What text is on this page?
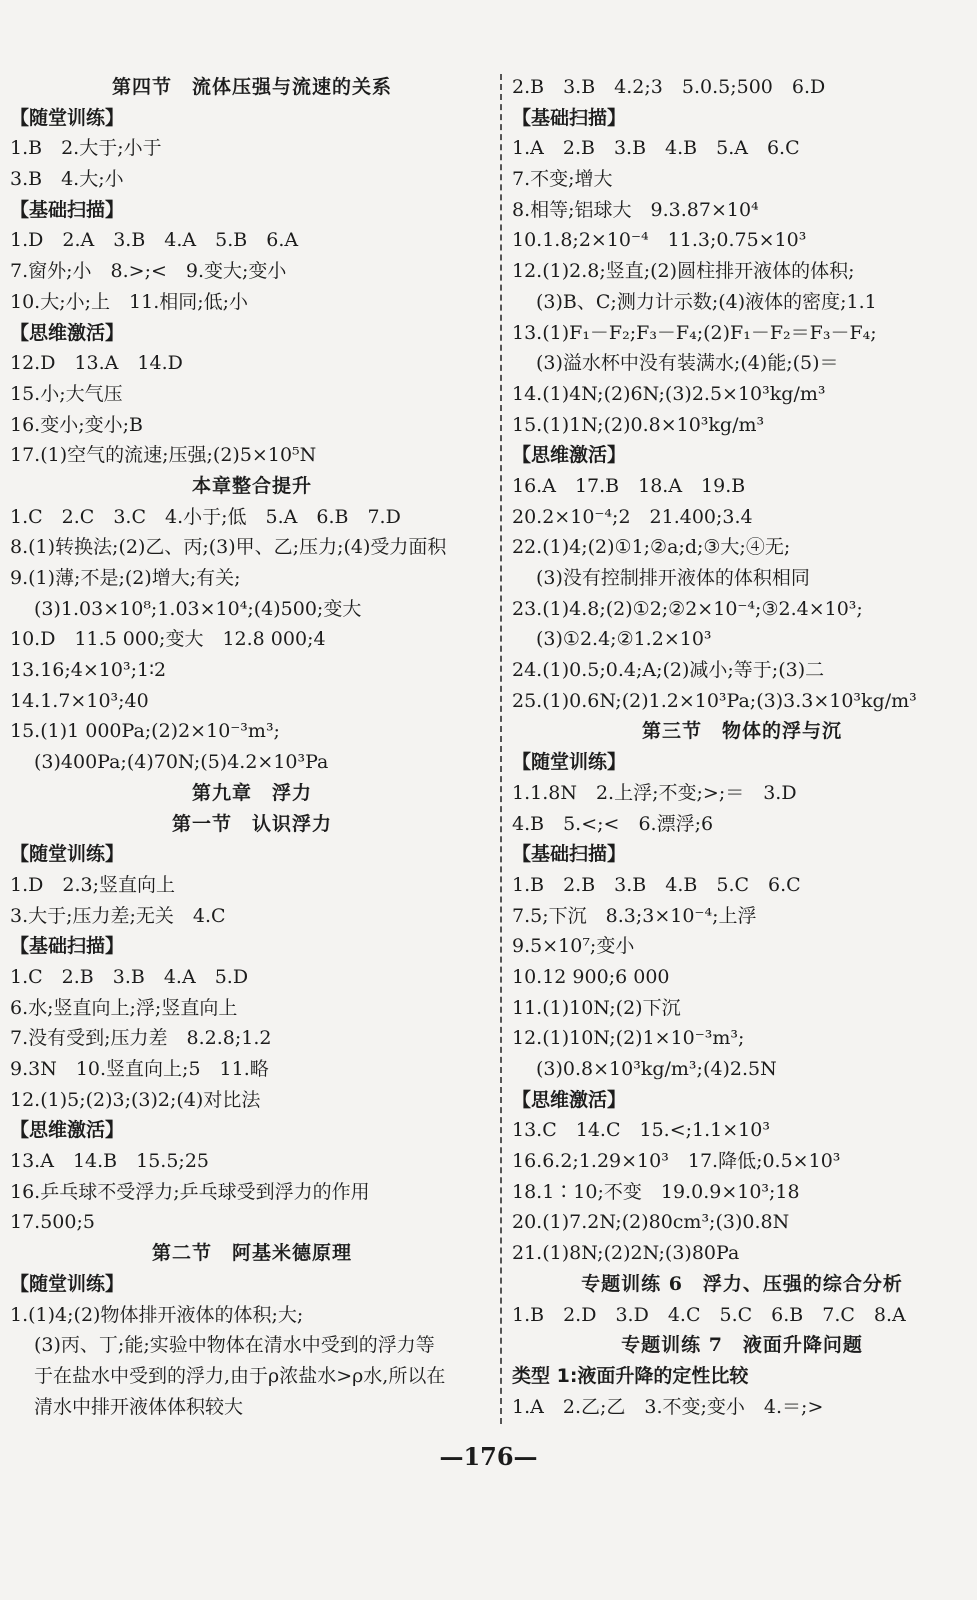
第四节　流体压强与流速的关系
【随堂训练】
1.B　2.大于;小于
3.B　4.大;小
【基础扫描】
1.D　2.A　3.B　4.A　5.B　6.A
7.窗外;小　8.>;<　9.变大;变小
10.大;小;上　11.相同;低;小
【思维激活】
12.D　13.A　14.D
15.小;大气压
16.变小;变小;B
17.(1)空气的流速;压强;(2)5×10⁵N
本章整合提升
1.C　2.C　3.C　4.小于;低　5.A　6.B　7.D
8.(1)转换法;(2)乙、丙;(3)甲、乙;压力;(4)受力面积
9.(1)薄;不是;(2)增大;有关;
(3)1.03×10⁸;1.03×10⁴;(4)500;变大
10.D　11.5 000;变大　12.8 000;4
13.16;4×10³;1∶2
14.1.7×10³;40
15.(1)1 000Pa;(2)2×10⁻³m³;
(3)400Pa;(4)70N;(5)4.2×10³Pa
第九章　浮力
第一节　认识浮力
【随堂训练】
1.D　2.3;竖直向上
3.大于;压力差;无关　4.C
【基础扫描】
1.C　2.B　3.B　4.A　5.D
6.水;竖直向上;浮;竖直向上
7.没有受到;压力差　8.2.8;1.2
9.3N　10.竖直向上;5　11.略
12.(1)5;(2)3;(3)2;(4)对比法
【思维激活】
13.A　14.B　15.5;25
16.乒乓球不受浮力;乒乓球受到浮力的作用
17.500;5
第二节　阿基米德原理
【随堂训练】
1.(1)4;(2)物体排开液体的体积;大;
(3)丙、丁;能;实验中物体在清水中受到的浮力等
于在盐水中受到的浮力,由于ρ浓盐水>ρ水,所以在
清水中排开液体体积较大
2.B　3.B　4.2;3　5.0.5;500　6.D
【基础扫描】
1.A　2.B　3.B　4.B　5.A　6.C
7.不变;增大
8.相等;铝球大　9.3.87×10⁴
10.1.8;2×10⁻⁴　11.3;0.75×10³
12.(1)2.8;竖直;(2)圆柱排开液体的体积;
(3)B、C;测力计示数;(4)液体的密度;1.1
13.(1)F₁－F₂;F₃－F₄;(2)F₁－F₂＝F₃－F₄;
(3)溢水杯中没有装满水;(4)能;(5)＝
14.(1)4N;(2)6N;(3)2.5×10³kg/m³
15.(1)1N;(2)0.8×10³kg/m³
【思维激活】
16.A　17.B　18.A　19.B
20.2×10⁻⁴;2　21.400;3.4
22.(1)4;(2)①1;②a;d;③大;④无;
(3)没有控制排开液体的体积相同
23.(1)4.8;(2)①2;②2×10⁻⁴;③2.4×10³;
(3)①2.4;②1.2×10³
24.(1)0.5;0.4;A;(2)减小;等于;(3)二
25.(1)0.6N;(2)1.2×10³Pa;(3)3.3×10³kg/m³
第三节　物体的浮与沉
【随堂训练】
1.1.8N　2.上浮;不变;>;＝　3.D
4.B　5.<;<　6.漂浮;6
【基础扫描】
1.B　2.B　3.B　4.B　5.C　6.C
7.5;下沉　8.3;3×10⁻⁴;上浮
9.5×10⁷;变小
10.12 900;6 000
11.(1)10N;(2)下沉
12.(1)10N;(2)1×10⁻³m³;
(3)0.8×10³kg/m³;(4)2.5N
【思维激活】
13.C　14.C　15.<;1.1×10³
16.6.2;1.29×10³　17.降低;0.5×10³
18.1∶10;不变　19.0.9×10³;18
20.(1)7.2N;(2)80cm³;(3)0.8N
21.(1)8N;(2)2N;(3)80Pa
专题训练 6　浮力、压强的综合分析
1.B　2.D　3.D　4.C　5.C　6.B　7.C　8.A
专题训练 7　液面升降问题
类型 1:液面升降的定性比较
1.A　2.乙;乙　3.不变;变小　4.＝;>
—176—
